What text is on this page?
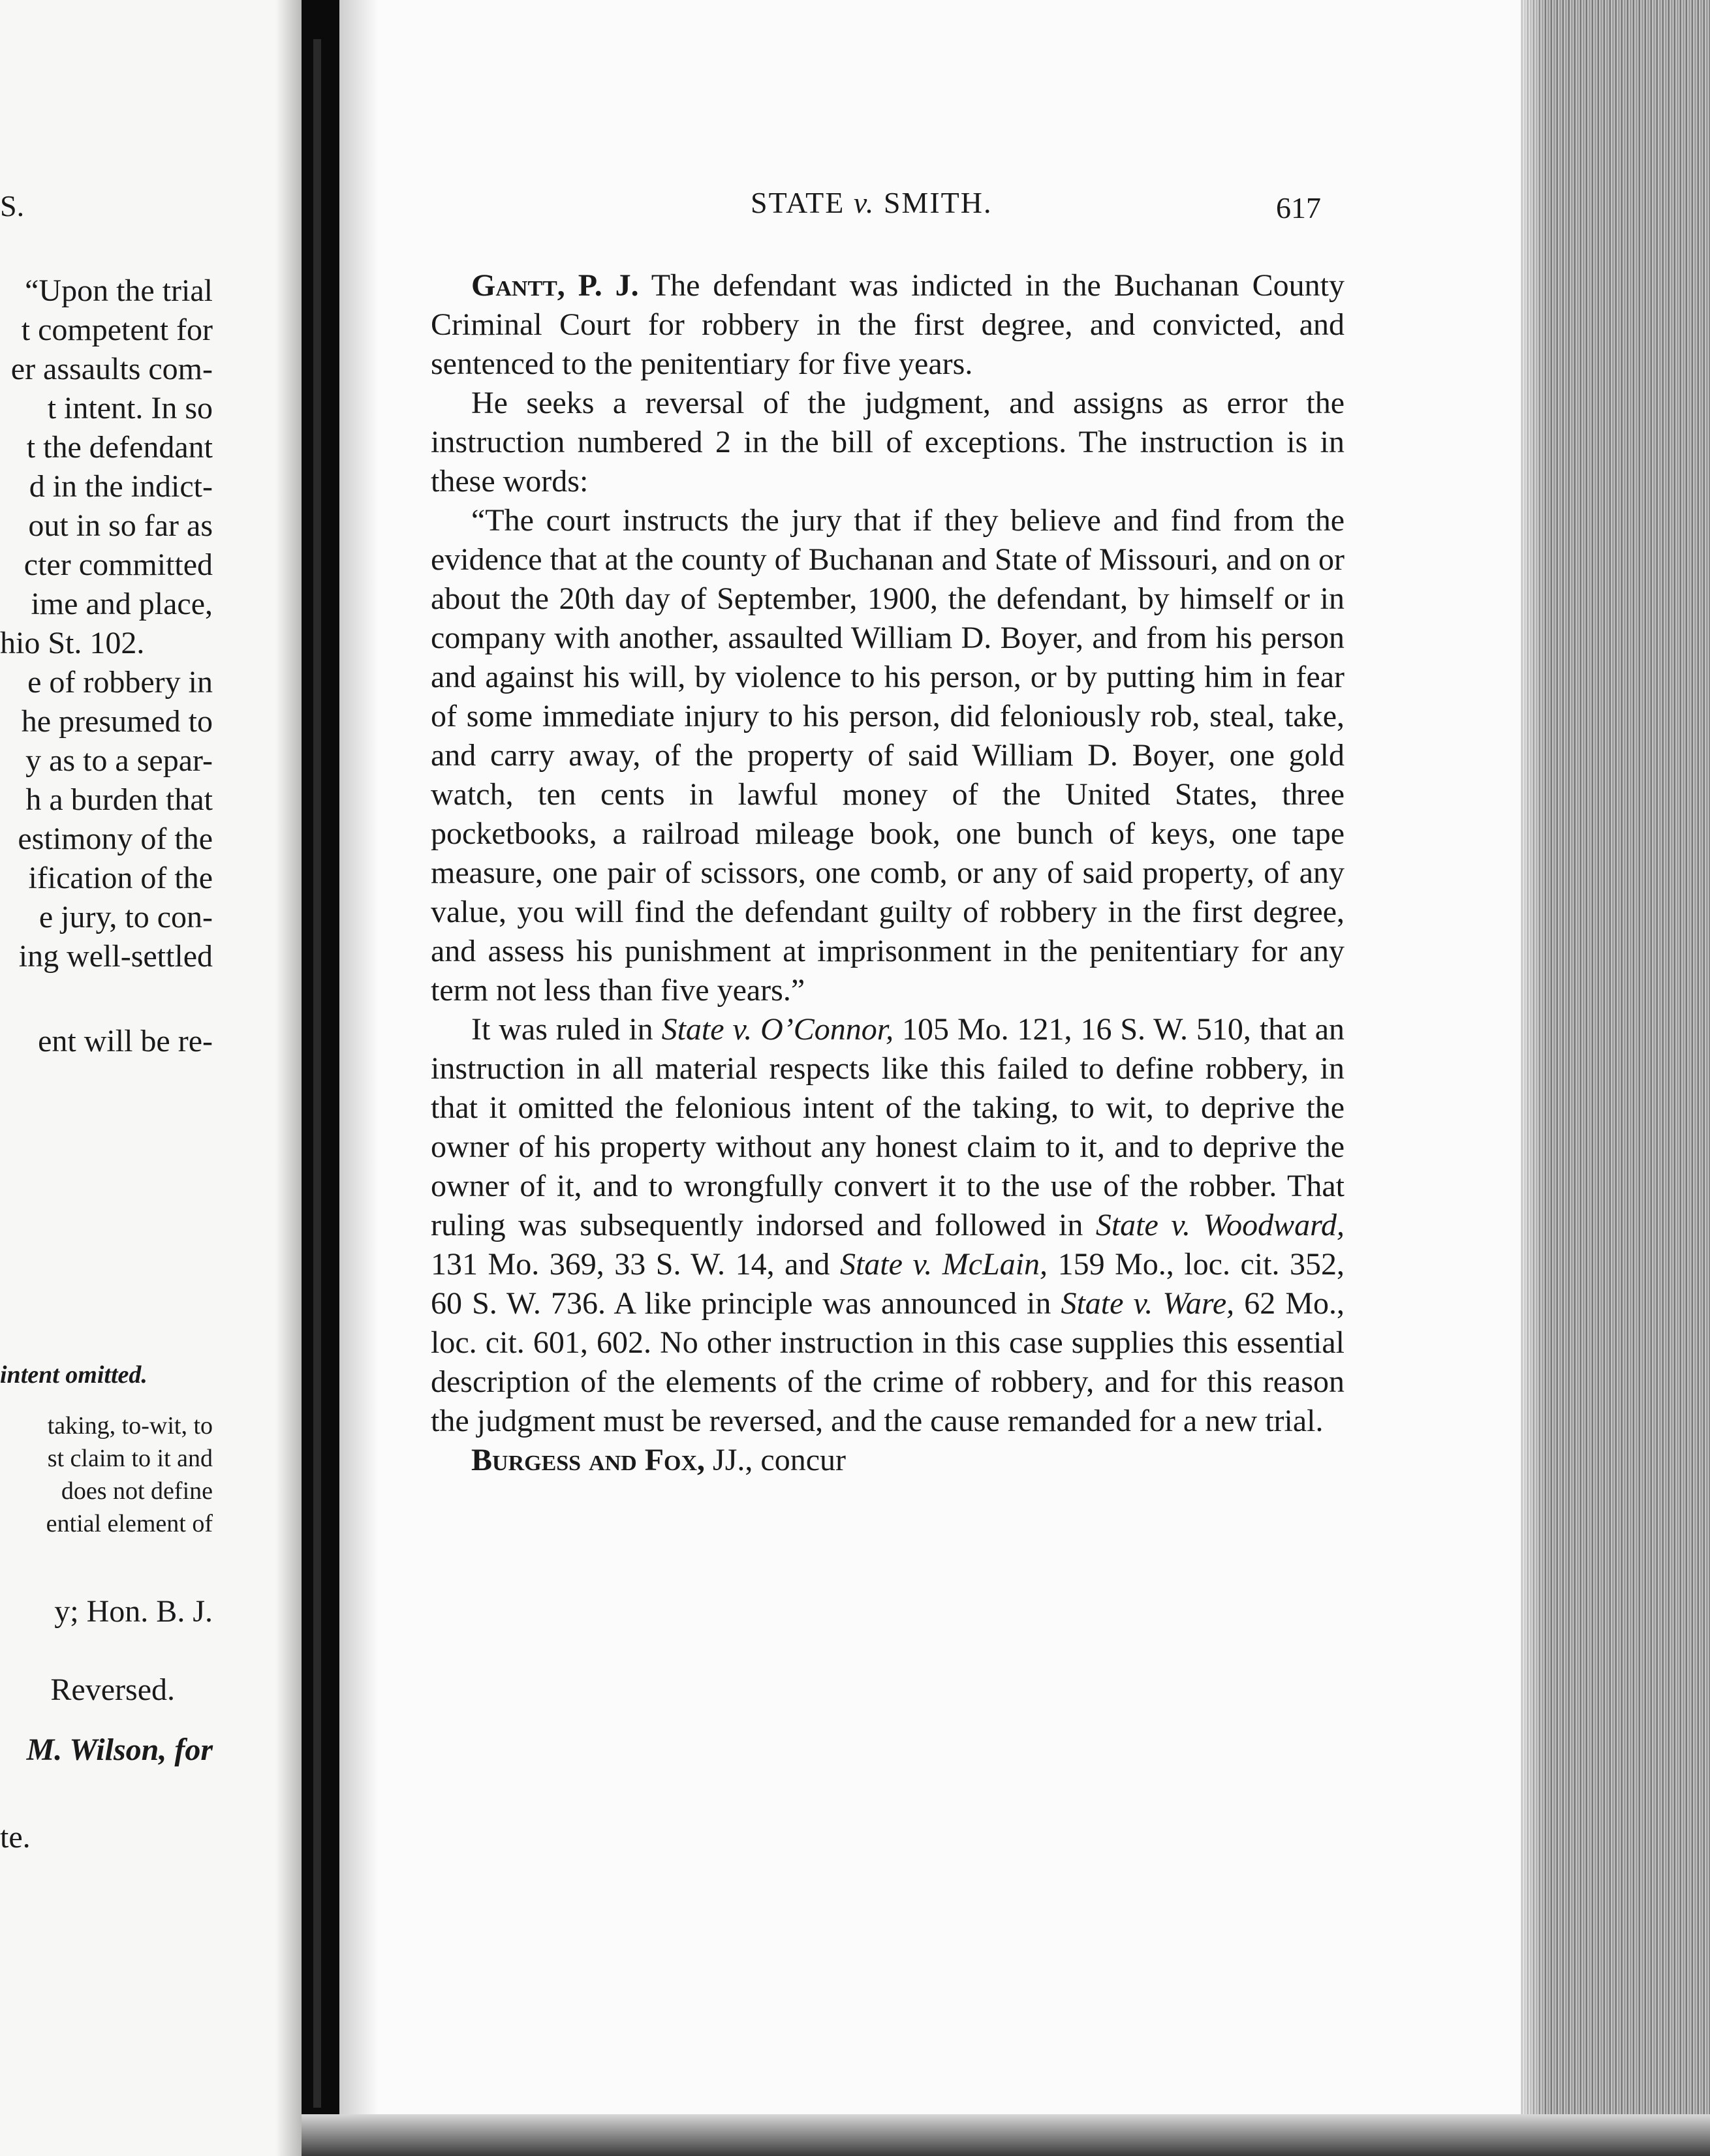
S.
“Upon the trial
t competent for
er assaults com-
t intent. In so
t the defendant
d in the indict-
out in so far as
cter committed
ime and place,
hio St. 102.
e of robbery in
he presumed to
y as to a separ-
h a burden that
estimony of the
ification of the
e jury, to con-
ing well-settled
ent will be re-
intent omitted.
taking, to-wit, to
st claim to it and
does not define
ential element of
y; Hon. B. J.
Reversed.
M. Wilson, for
te.
STATE v. SMITH.	617

Gantt, P. J. The defendant was indicted in the Buchanan County Criminal Court for robbery in the first degree, and convicted, and sentenced to the penitentiary for five years.

He seeks a reversal of the judgment, and assigns as error the instruction numbered 2 in the bill of exceptions. The instruction is in these words:

“The court instructs the jury that if they believe and find from the evidence that at the county of Buchanan and State of Missouri, and on or about the 20th day of September, 1900, the defendant, by himself or in company with another, assaulted William D. Boyer, and from his person and against his will, by violence to his person, or by putting him in fear of some immediate injury to his person, did feloniously rob, steal, take, and carry away, of the property of said William D. Boyer, one gold watch, ten cents in lawful money of the United States, three pocketbooks, a railroad mileage book, one bunch of keys, one tape measure, one pair of scissors, one comb, or any of said property, of any value, you will find the defendant guilty of robbery in the first degree, and assess his punishment at imprisonment in the penitentiary for any term not less than five years.”

It was ruled in State v. O’Connor, 105 Mo. 121, 16 S. W. 510, that an instruction in all material respects like this failed to define robbery, in that it omitted the felonious intent of the taking, to wit, to deprive the owner of his property without any honest claim to it, and to deprive the owner of it, and to wrongfully convert it to the use of the robber. That ruling was subsequently indorsed and followed in State v. Woodward, 131 Mo. 369, 33 S. W. 14, and State v. McLain, 159 Mo., loc. cit. 352, 60 S. W. 736. A like principle was announced in State v. Ware, 62 Mo., loc. cit. 601, 602. No other instruction in this case supplies this essential description of the elements of the crime of robbery, and for this reason the judgment must be reversed, and the cause remanded for a new trial.

Burgess and Fox, JJ., concur
